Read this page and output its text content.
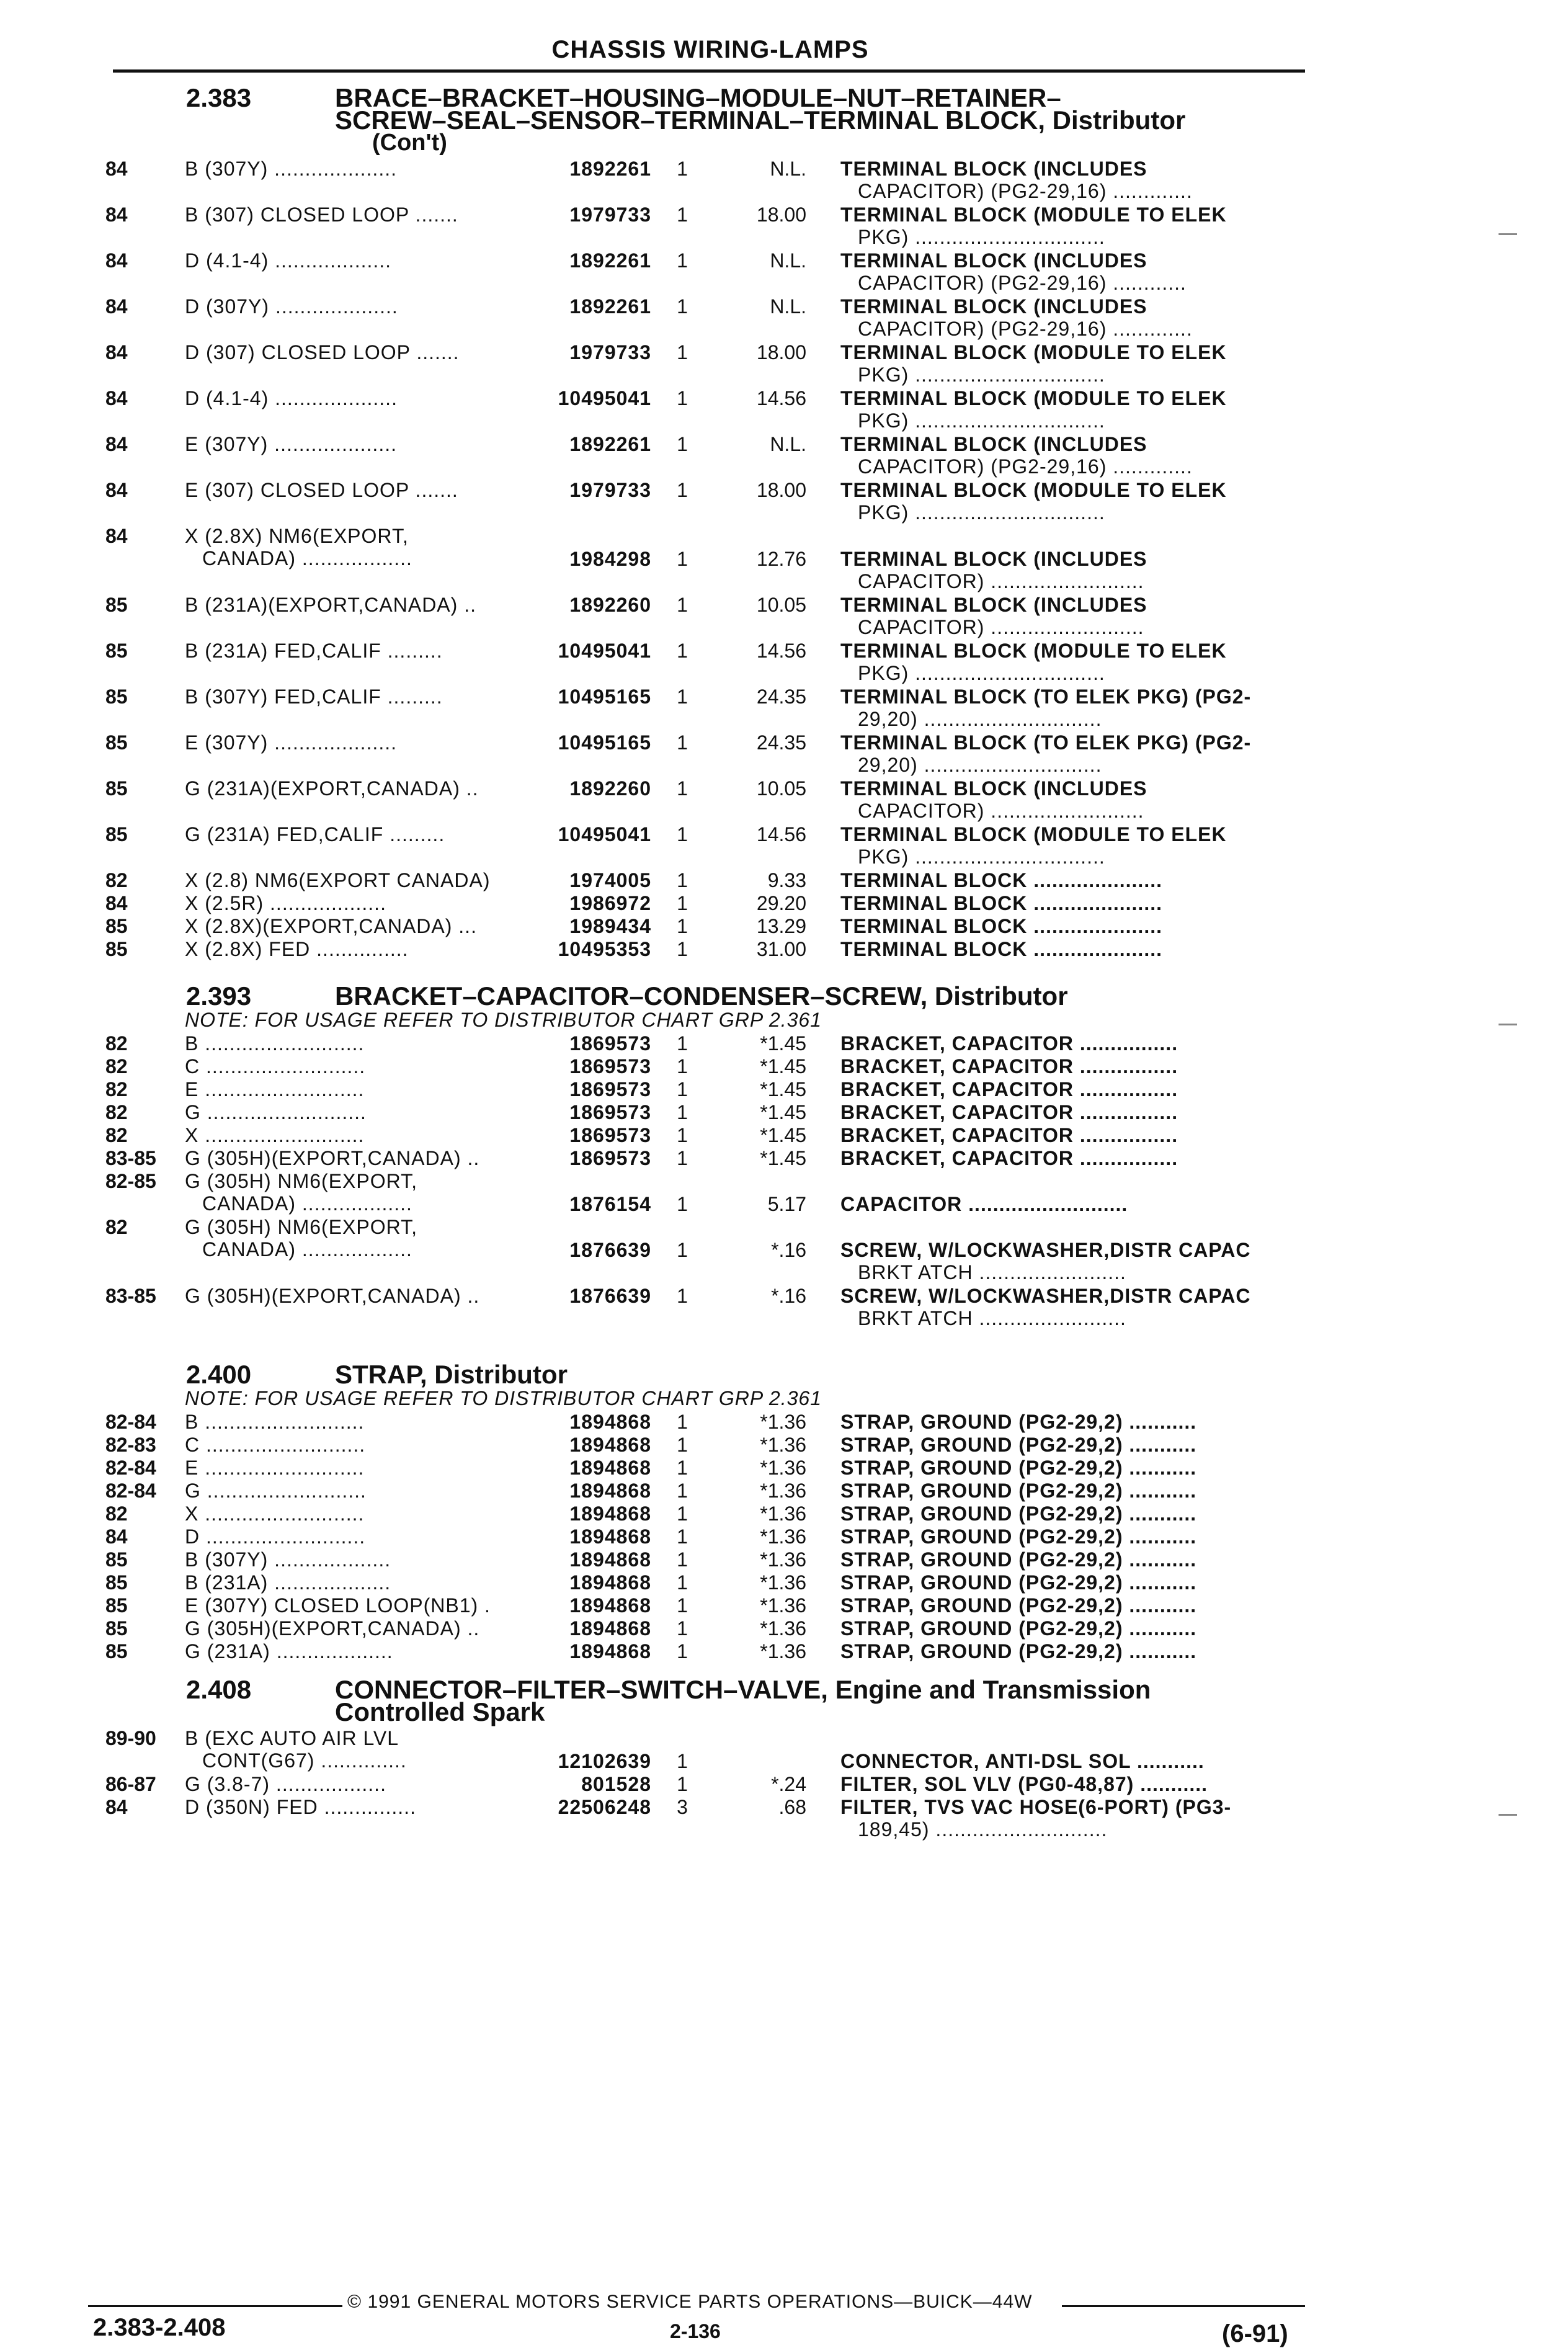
CHASSIS WIRING-LAMPS
2.383	BRACE–BRACKET–HOUSING–MODULE–NUT–RETAINER–
SCREW–SEAL–SENSOR–TERMINAL–TERMINAL BLOCK, Distributor
(Con't)
84	B (307Y) ....................	1892261 1	N.L. TERMINAL BLOCK (INCLUDES
CAPACITOR) (PG2-29,16) .............
84	B (307) CLOSED LOOP .......	1979733 1	18.00 TERMINAL BLOCK (MODULE TO ELEK
PKG) ...............................
84	D (4.1-4) ...................	1892261 1	N.L. TERMINAL BLOCK (INCLUDES
CAPACITOR) (PG2-29,16) ............
84	D (307Y) ....................	1892261 1	N.L. TERMINAL BLOCK (INCLUDES
CAPACITOR) (PG2-29,16) .............
84	D (307) CLOSED LOOP .......	1979733 1	18.00 TERMINAL BLOCK (MODULE TO ELEK
PKG) ...............................
84	D (4.1-4) ....................	10495041 1	14.56 TERMINAL BLOCK (MODULE TO ELEK
PKG) ...............................
84	E (307Y) ....................	1892261 1	N.L. TERMINAL BLOCK (INCLUDES
CAPACITOR) (PG2-29,16) .............
84	E (307) CLOSED LOOP .......	1979733 1	18.00 TERMINAL BLOCK (MODULE TO ELEK
PKG) ...............................
84	X (2.8X) NM6(EXPORT,
CANADA) ..................	1984298 1	12.76 TERMINAL BLOCK (INCLUDES
CAPACITOR) .........................
85	B (231A)(EXPORT,CANADA) ..	1892260 1	10.05 TERMINAL BLOCK (INCLUDES
CAPACITOR) .........................
85	B (231A) FED,CALIF .........	10495041 1	14.56 TERMINAL BLOCK (MODULE TO ELEK
PKG) ...............................
85	B (307Y) FED,CALIF .........	10495165 1	24.35 TERMINAL BLOCK (TO ELEK PKG) (PG2-
29,20) .............................
85	E (307Y) ....................	10495165 1	24.35 TERMINAL BLOCK (TO ELEK PKG) (PG2-
29,20) .............................
85	G (231A)(EXPORT,CANADA) ..	1892260 1	10.05 TERMINAL BLOCK (INCLUDES
CAPACITOR) .........................
85	G (231A) FED,CALIF .........	10495041 1	14.56 TERMINAL BLOCK (MODULE TO ELEK
PKG) ...............................
82	X (2.8) NM6(EXPORT CANADA)	1974005 1	9.33 TERMINAL BLOCK .....................
84	X (2.5R) ...................	1986972 1	29.20 TERMINAL BLOCK .....................
85	X (2.8X)(EXPORT,CANADA) ...	1989434 1	13.29 TERMINAL BLOCK .....................
85	X (2.8X) FED ...............	10495353 1	31.00 TERMINAL BLOCK .....................
2.393	BRACKET–CAPACITOR–CONDENSER–SCREW, Distributor
NOTE: FOR USAGE REFER TO DISTRIBUTOR CHART GRP 2.361
82	B ..........................	1869573 1	*1.45 BRACKET, CAPACITOR ................
82	C ..........................	1869573 1	*1.45 BRACKET, CAPACITOR ................
82	E ..........................	1869573 1	*1.45 BRACKET, CAPACITOR ................
82	G ..........................	1869573 1	*1.45 BRACKET, CAPACITOR ................
82	X ..........................	1869573 1	*1.45 BRACKET, CAPACITOR ................
83-85 G (305H)(EXPORT,CANADA) ..	1869573 1	*1.45 BRACKET, CAPACITOR ................
82-85 G (305H) NM6(EXPORT,
CANADA) ..................	1876154 1	5.17 CAPACITOR ..........................
82	G (305H) NM6(EXPORT,
CANADA) ..................	1876639 1	*.16 SCREW, W/LOCKWASHER,DISTR CAPAC
BRKT ATCH ........................
83-85 G (305H)(EXPORT,CANADA) ..	1876639 1	*.16 SCREW, W/LOCKWASHER,DISTR CAPAC
BRKT ATCH ........................
2.400	STRAP, Distributor
NOTE: FOR USAGE REFER TO DISTRIBUTOR CHART GRP 2.361
82-84 B ..........................	1894868 1	*1.36 STRAP, GROUND (PG2-29,2) ...........
82-83 C ..........................	1894868 1	*1.36 STRAP, GROUND (PG2-29,2) ...........
82-84 E ..........................	1894868 1	*1.36 STRAP, GROUND (PG2-29,2) ...........
82-84 G ..........................	1894868 1	*1.36 STRAP, GROUND (PG2-29,2) ...........
82	X ..........................	1894868 1	*1.36 STRAP, GROUND (PG2-29,2) ...........
84	D ..........................	1894868 1	*1.36 STRAP, GROUND (PG2-29,2) ...........
85	B (307Y) ...................	1894868 1	*1.36 STRAP, GROUND (PG2-29,2) ...........
85	B (231A) ...................	1894868 1	*1.36 STRAP, GROUND (PG2-29,2) ...........
85	E (307Y) CLOSED LOOP(NB1) .	1894868 1	*1.36 STRAP, GROUND (PG2-29,2) ...........
85	G (305H)(EXPORT,CANADA) ..	1894868 1	*1.36 STRAP, GROUND (PG2-29,2) ...........
85	G (231A) ...................	1894868 1	*1.36 STRAP, GROUND (PG2-29,2) ...........
2.408	CONNECTOR–FILTER–SWITCH–VALVE, Engine and Transmission
Controlled Spark
89-90 B (EXC AUTO AIR LVL
CONT(G67) ..............	12102639 1	CONNECTOR, ANTI-DSL SOL ...........
86-87 G (3.8-7) ..................	801528 1	*.24 FILTER, SOL VLV (PG0-48,87) ...........
84	D (350N) FED ...............	22506248 3	.68 FILTER, TVS VAC HOSE(6-PORT) (PG3-
189,45) ............................
© 1991 GENERAL MOTORS SERVICE PARTS OPERATIONS—BUICK—44W
2.383-2.408	2-136	(6-91)
